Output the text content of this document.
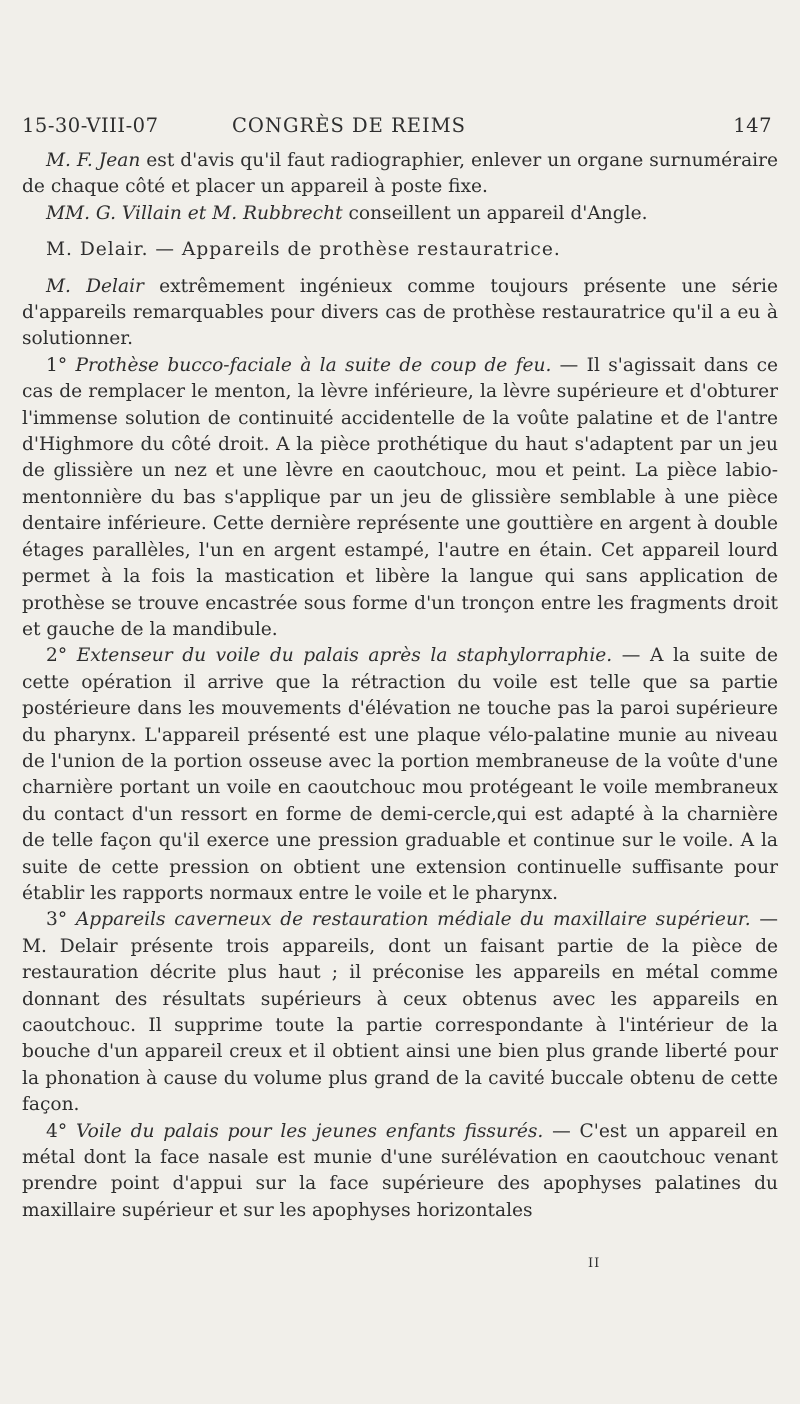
15-30-VIII-07	CONGRÈS DE REIMS	147

M. F. Jean est d'avis qu'il faut radiographier, enlever un organe surnuméraire de chaque côté et placer un appareil à poste fixe.

MM. G. Villain et M. Rubbrecht conseillent un appareil d'Angle.

M. Delair. — Appareils de prothèse restauratrice.

M. Delair extrêmement ingénieux comme toujours présente une série d'appareils remarquables pour divers cas de prothèse restauratrice qu'il a eu à solutionner.

1° Prothèse bucco-faciale à la suite de coup de feu. — Il s'agissait dans ce cas de remplacer le menton, la lèvre inférieure, la lèvre supérieure et d'obturer l'immense solution de continuité accidentelle de la voûte palatine et de l'antre d'Highmore du côté droit. A la pièce prothétique du haut s'adaptent par un jeu de glissière un nez et une lèvre en caoutchouc, mou et peint. La pièce labio-mentonnière du bas s'applique par un jeu de glissière semblable à une pièce dentaire inférieure. Cette dernière représente une gouttière en argent à double étages parallèles, l'un en argent estampé, l'autre en étain. Cet appareil lourd permet à la fois la mastication et libère la langue qui sans application de prothèse se trouve encastrée sous forme d'un tronçon entre les fragments droit et gauche de la mandibule.

2° Extenseur du voile du palais après la staphylorraphie. — A la suite de cette opération il arrive que la rétraction du voile est telle que sa partie postérieure dans les mouvements d'élévation ne touche pas la paroi supérieure du pharynx. L'appareil présenté est une plaque vélo-palatine munie au niveau de l'union de la portion osseuse avec la portion membraneuse de la voûte d'une charnière portant un voile en caoutchouc mou protégeant le voile membraneux du contact d'un ressort en forme de demi-cercle,qui est adapté à la charnière de telle façon qu'il exerce une pression graduable et continue sur le voile. A la suite de cette pression on obtient une extension continuelle suffisante pour établir les rapports normaux entre le voile et le pharynx.

3° Appareils caverneux de restauration médiale du maxillaire supérieur. — M. Delair présente trois appareils, dont un faisant partie de la pièce de restauration décrite plus haut ; il préconise les appareils en métal comme donnant des résultats supérieurs à ceux obtenus avec les appareils en caoutchouc. Il supprime toute la partie correspondante à l'intérieur de la bouche d'un appareil creux et il obtient ainsi une bien plus grande liberté pour la phonation à cause du volume plus grand de la cavité buccale obtenu de cette façon.

4° Voile du palais pour les jeunes enfants fissurés. — C'est un appareil en métal dont la face nasale est munie d'une surélévation en caoutchouc venant prendre point d'appui sur la face supérieure des apophyses palatines du maxillaire supérieur et sur les apophyses horizontales

II
